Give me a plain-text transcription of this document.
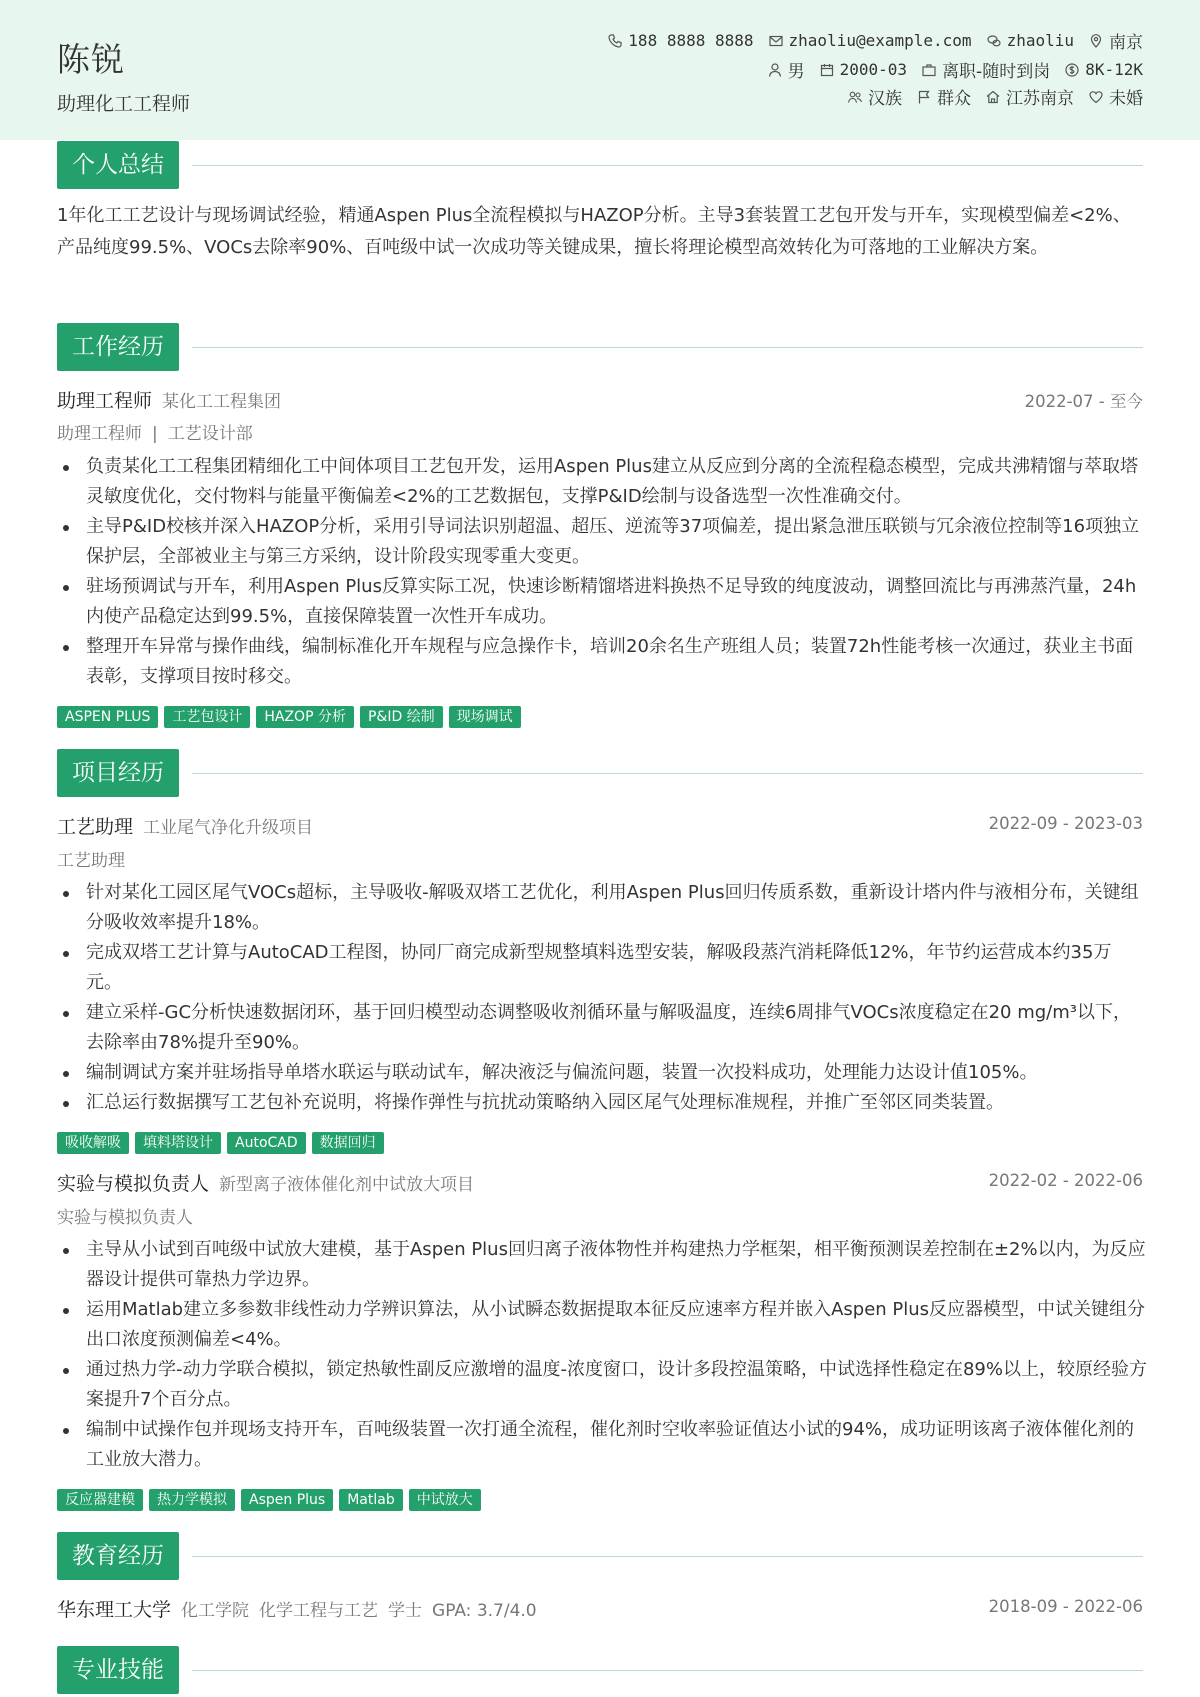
陈锐
助理化工工程师
188 8888 8888 zhaoliu@example.com zhaoliu 南京
男 2000-03 离职-随时到岗 8K-12K
汉族 群众 江苏南京 未婚
个人总结
1年化工工艺设计与现场调试经验，精通Aspen Plus全流程模拟与HAZOP分析。主导3套装置工艺包开发与开车，实现模型偏差<2%、产品纯度99.5%、VOCs去除率90%、百吨级中试一次成功等关键成果，擅长将理论模型高效转化为可落地的工业解决方案。
工作经历
助理工程师 某化工工程集团	2022-07 - 至今
助理工程师 | 工艺设计部
负责某化工工程集团精细化工中间体项目工艺包开发，运用Aspen Plus建立从反应到分离的全流程稳态模型，完成共沸精馏与萃取塔灵敏度优化，交付物料与能量平衡偏差<2%的工艺数据包，支撑P&ID绘制与设备选型一次性准确交付。
主导P&ID校核并深入HAZOP分析，采用引导词法识别超温、超压、逆流等37项偏差，提出紧急泄压联锁与冗余液位控制等16项独立保护层，全部被业主与第三方采纳，设计阶段实现零重大变更。
驻场预调试与开车，利用Aspen Plus反算实际工况，快速诊断精馏塔进料换热不足导致的纯度波动，调整回流比与再沸蒸汽量，24h内使产品稳定达到99.5%，直接保障装置一次性开车成功。
整理开车异常与操作曲线，编制标准化开车规程与应急操作卡，培训20余名生产班组人员；装置72h性能考核一次通过，获业主书面表彰，支撑项目按时移交。
ASPEN PLUS	工艺包设计	HAZOP 分析	P&ID 绘制	现场调试
项目经历
工艺助理 工业尾气净化升级项目	2022-09 - 2023-03
工艺助理
针对某化工园区尾气VOCs超标，主导吸收-解吸双塔工艺优化，利用Aspen Plus回归传质系数，重新设计塔内件与液相分布，关键组分吸收效率提升18%。
完成双塔工艺计算与AutoCAD工程图，协同厂商完成新型规整填料选型安装，解吸段蒸汽消耗降低12%，年节约运营成本约35万元。
建立采样-GC分析快速数据闭环，基于回归模型动态调整吸收剂循环量与解吸温度，连续6周排气VOCs浓度稳定在20 mg/m³以下，去除率由78%提升至90%。
编制调试方案并驻场指导单塔水联运与联动试车，解决液泛与偏流问题，装置一次投料成功，处理能力达设计值105%。
汇总运行数据撰写工艺包补充说明，将操作弹性与抗扰动策略纳入园区尾气处理标准规程，并推广至邻区同类装置。
吸收解吸	填料塔设计	AutoCAD	数据回归
实验与模拟负责人 新型离子液体催化剂中试放大项目	2022-02 - 2022-06
实验与模拟负责人
主导从小试到百吨级中试放大建模，基于Aspen Plus回归离子液体物性并构建热力学框架，相平衡预测误差控制在±2%以内，为反应器设计提供可靠热力学边界。
运用Matlab建立多参数非线性动力学辨识算法，从小试瞬态数据提取本征反应速率方程并嵌入Aspen Plus反应器模型，中试关键组分出口浓度预测偏差<4%。
通过热力学-动力学联合模拟，锁定热敏性副反应激增的温度-浓度窗口，设计多段控温策略，中试选择性稳定在89%以上，较原经验方案提升7个百分点。
编制中试操作包并现场支持开车，百吨级装置一次打通全流程，催化剂时空收率验证值达小试的94%，成功证明该离子液体催化剂的工业放大潜力。
反应器建模	热力学模拟	Aspen Plus	Matlab	中试放大
教育经历
华东理工大学 化工学院 化学工程与工艺 学士 GPA: 3.7/4.0	2018-09 - 2022-06
专业技能
